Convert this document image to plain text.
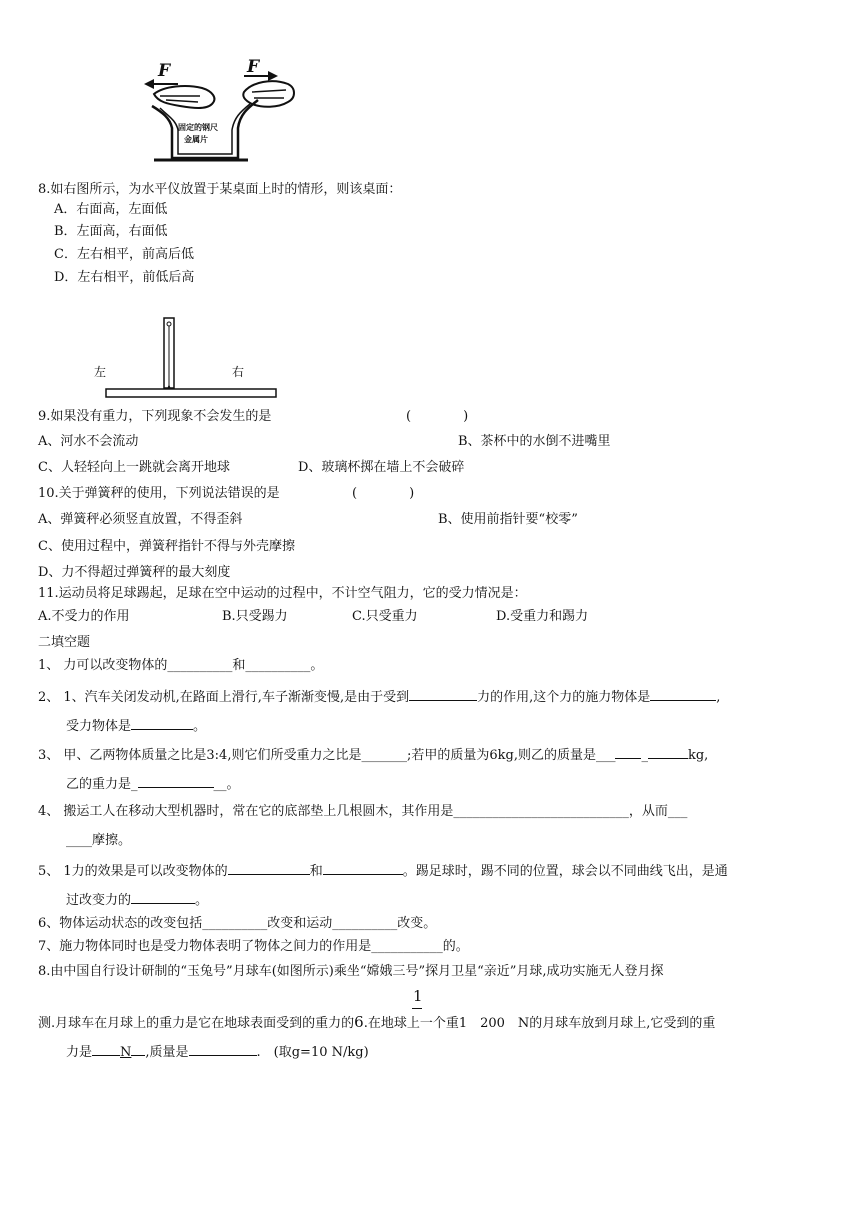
固定的钢尺
金属片
F	F
8.如右图所示，为水平仪放置于某桌面上时的情形，则该桌面：
A．右面高，左面低
B．左面高，右面低
C．左右相平，前高后低
D．左右相平，前低后高
左	右
9.如果没有重力，下列现象不会发生的是	(　　　　)
A、河水不会流动	B、茶杯中的水倒不进嘴里
C、人轻轻向上一跳就会离开地球	D、玻璃杯掷在墙上不会破碎
10.关于弹簧秤的使用，下列说法错误的是	(　　　　)
A、弹簧秤必须竖直放置，不得歪斜	B、使用前指针要“校零”
C、使用过程中，弹簧秤指针不得与外壳摩擦
D、力不得超过弹簧秤的最大刻度
11.运动员将足球踢起，足球在空中运动的过程中，不计空气阻力，它的受力情况是：
A.不受力的作用	B.只受踢力	C.只受重力	D.受重力和踢力
二填空题
1、 力可以改变物体的__________和__________。
2、 1、汽车关闭发动机,在路面上滑行,车子渐渐变慢,是由于受到	力的作用,这个力的施力物体是	,
受力物体是	。
3、 甲、乙两物体质量之比是3:4,则它们所受重力之比是_______;若甲的质量为6kg,则乙的质量是___ _	kg,
乙的重力是_	__。
4、 搬运工人在移动大型机器时，常在它的底部垫上几根圆木，其作用是___________________________，从而___
____摩擦。
5、 1力的效果是可以改变物体的	和	。踢足球时，踢不同的位置，球会以不同曲线飞出，是通
过改变力的	。
6、物体运动状态的改变包括__________改变和运动__________改变。
7、施力物体同时也是受力物体表明了物体之间力的作用是___________的。
8.由中国自行设计研制的“玉兔号”月球车(如图所示)乘坐“嫦娥三号”探月卫星“亲近”月球,成功实施无人登月探
1
测.月球车在月球上的重力是它在地球表面受到的重力的6.在地球上一个重1　200　N的月球车放到月球上,它受到的重
力是 N ,质量是	.　(取g=10 N/kg)
